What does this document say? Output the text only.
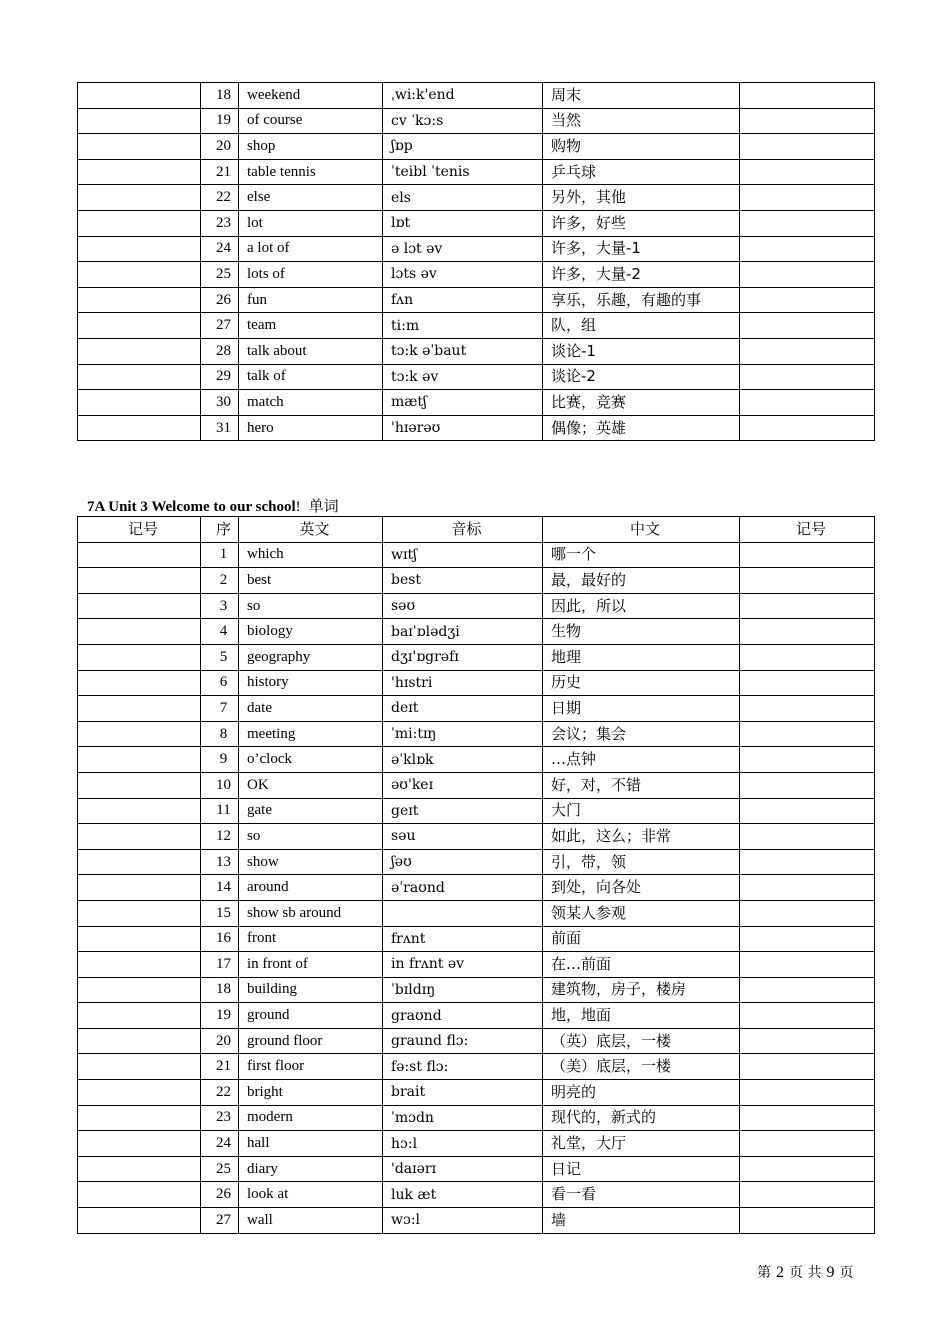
	18	weekend	ˌwi:k'end	周末	
	19	of course	cv ˈkɔ:s	当然	
	20	shop	ʃɒp	购物	
	21	table tennis	ˈteibl ˈtenis	乒乓球	
	22	else	els	另外，其他	
	23	lot	lɒt	许多，好些	
	24	a lot of	ə lɔt əv	许多，大量-1	
	25	lots of	lɔts əv	许多，大量-2	
	26	fun	fʌn	享乐，乐趣，有趣的事	
	27	team	ti:m	队，组	
	28	talk about	tɔ:k əˈbaut	谈论-1	
	29	talk of	tɔ:k əv	谈论-2	
	30	match	mætʃ	比赛，竞赛	
	31	hero	'hɪərəʊ	偶像；英雄	
7A Unit 3 Welcome to our school! 单词
记号	序	英文	音标	中文	记号
	1	which	wɪtʃ	哪一个	
	2	best	best	最，最好的	
	3	so	səʊ	因此，所以	
	4	biology	baɪˈɒlədʒi	生物	
	5	geography	dʒɪ'ɒgrəfɪ	地理	
	6	history	'hɪstri	历史	
	7	date	deɪt	日期	
	8	meeting	ˈmi:tɪŋ	会议；集会	
	9	o’clock	əˈklɒk	…点钟	
	10	OK	əʊ'keɪ	好，对，不错	
	11	gate	geɪt	大门	
	12	so	səu	如此，这么；非常	
	13	show	ʃəʊ	引，带，领	
	14	around	əˈraʊnd	到处，向各处	
	15	show sb around		领某人参观	
	16	front	frʌnt	前面	
	17	in front of	in frʌnt əv	在…前面	
	18	building	ˈbɪldɪŋ	建筑物，房子，楼房	
	19	ground	graʊnd	地，地面	
	20	ground floor	graund flɔ:	（英）底层，一楼	
	21	first floor	fə:st flɔ:	（美）底层，一楼	
	22	bright	brait	明亮的	
	23	modern	ˈmɔdn	现代的，新式的	
	24	hall	hɔ:l	礼堂，大厅	
	25	diary	'daɪərɪ	日记	
	26	look at	luk æt	看一看	
	27	wall	wɔ:l	墙	
第 2 页 共 9 页
